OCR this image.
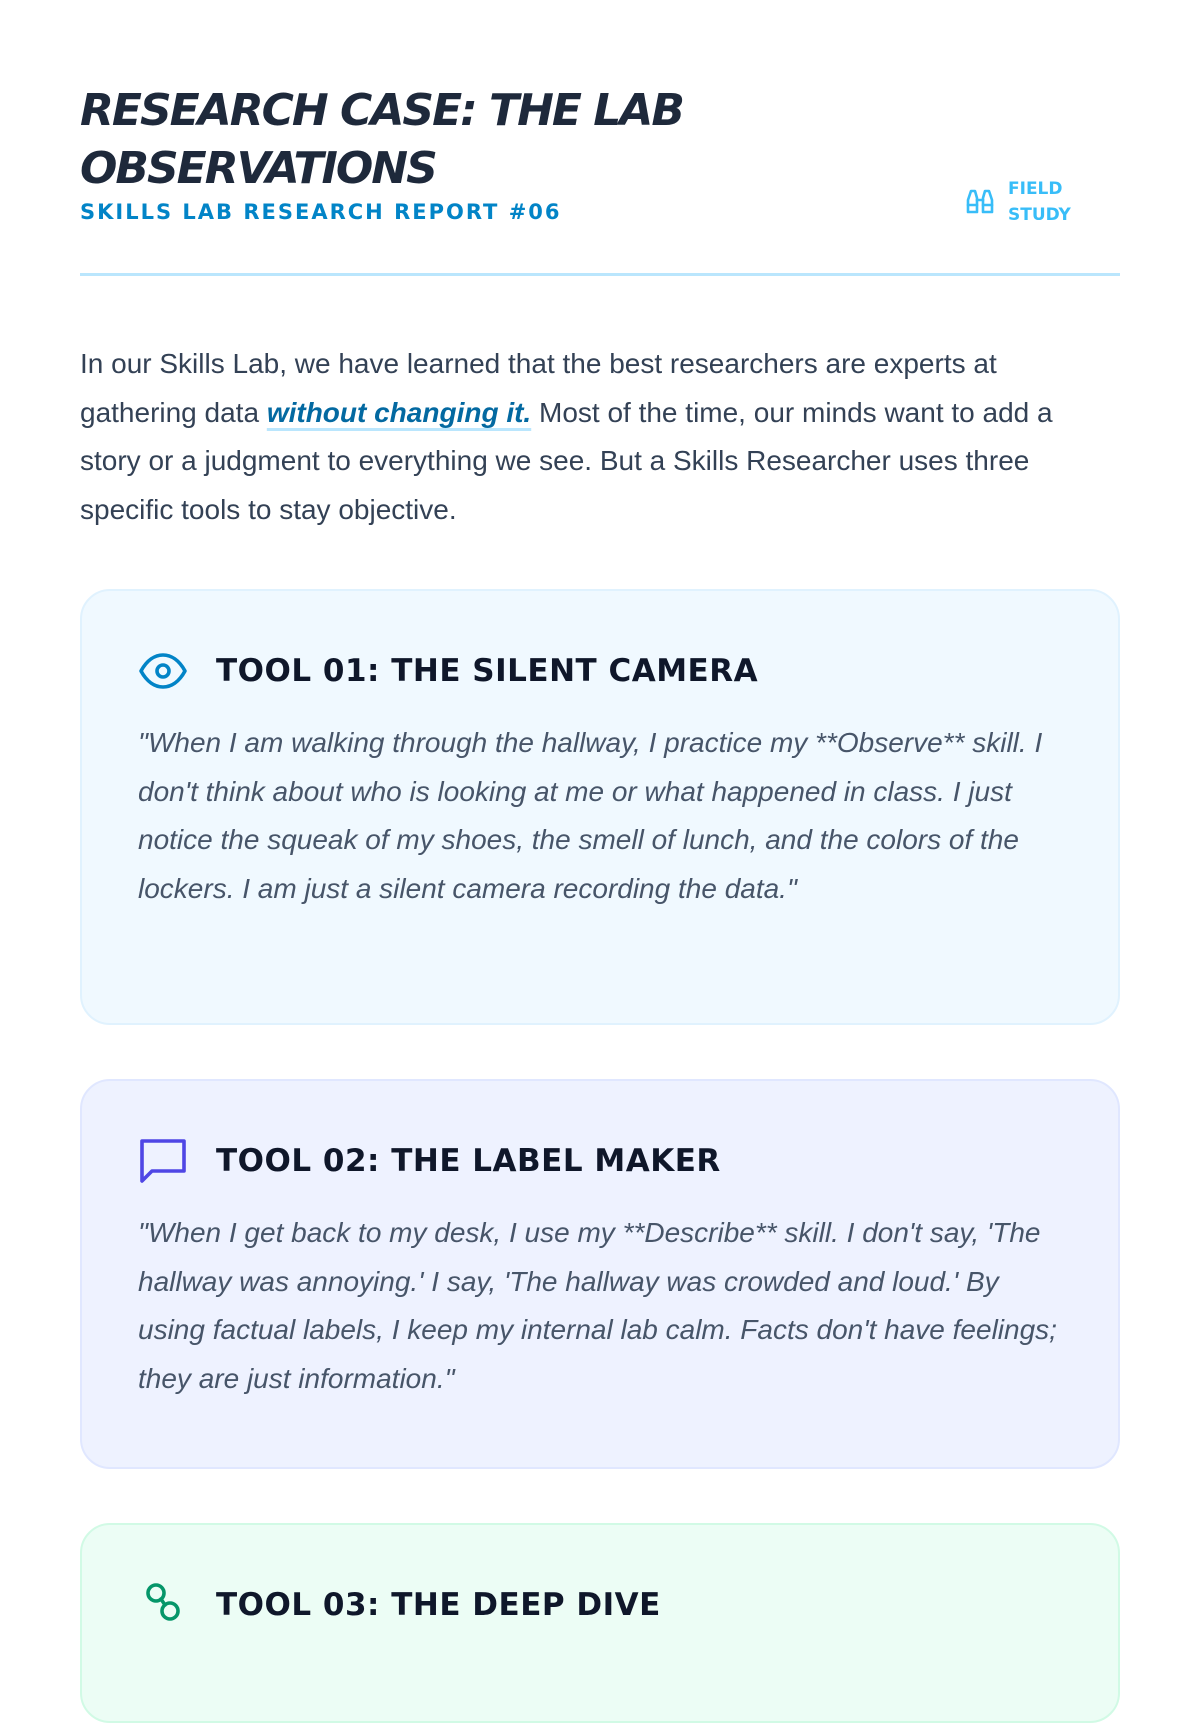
RESEARCH CASE: THE LAB OBSERVATIONS
SKILLS LAB RESEARCH REPORT #06
FIELD STUDY

In our Skills Lab, we have learned that the best researchers are experts at gathering data without changing it. Most of the time, our minds want to add a story or a judgment to everything we see. But a Skills Researcher uses three specific tools to stay objective.

TOOL 01: THE SILENT CAMERA
"When I am walking through the hallway, I practice my **Observe** skill. I don't think about who is looking at me or what happened in class. I just notice the squeak of my shoes, the smell of lunch, and the colors of the lockers. I am just a silent camera recording the data."
TOOL 02: THE LABEL MAKER
"When I get back to my desk, I use my **Describe** skill. I don't say, 'The hallway was annoying.' I say, 'The hallway was crowded and loud.' By using factual labels, I keep my internal lab calm. Facts don't have feelings; they are just information."
TOOL 03: THE DEEP DIVE
